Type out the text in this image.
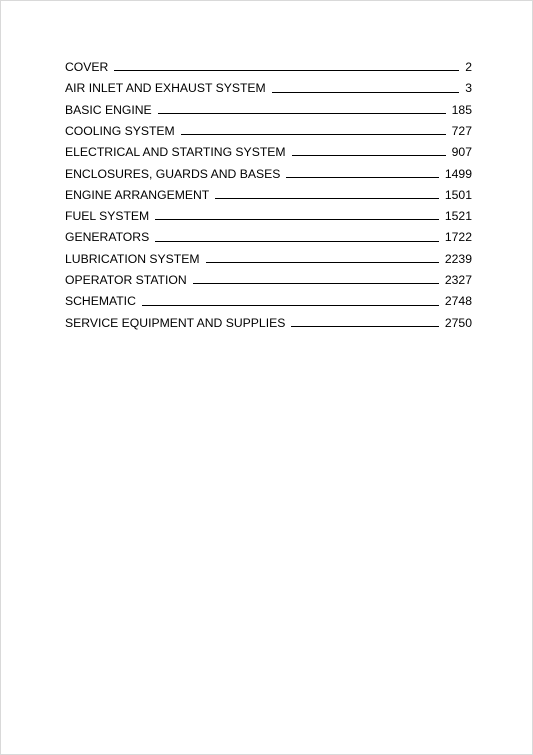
COVER	2
AIR INLET AND EXHAUST SYSTEM	3
BASIC ENGINE	185
COOLING SYSTEM	727
ELECTRICAL AND STARTING SYSTEM	907
ENCLOSURES, GUARDS AND BASES	1499
ENGINE ARRANGEMENT	1501
FUEL SYSTEM	1521
GENERATORS	1722
LUBRICATION SYSTEM	2239
OPERATOR STATION	2327
SCHEMATIC	2748
SERVICE EQUIPMENT AND SUPPLIES	2750
